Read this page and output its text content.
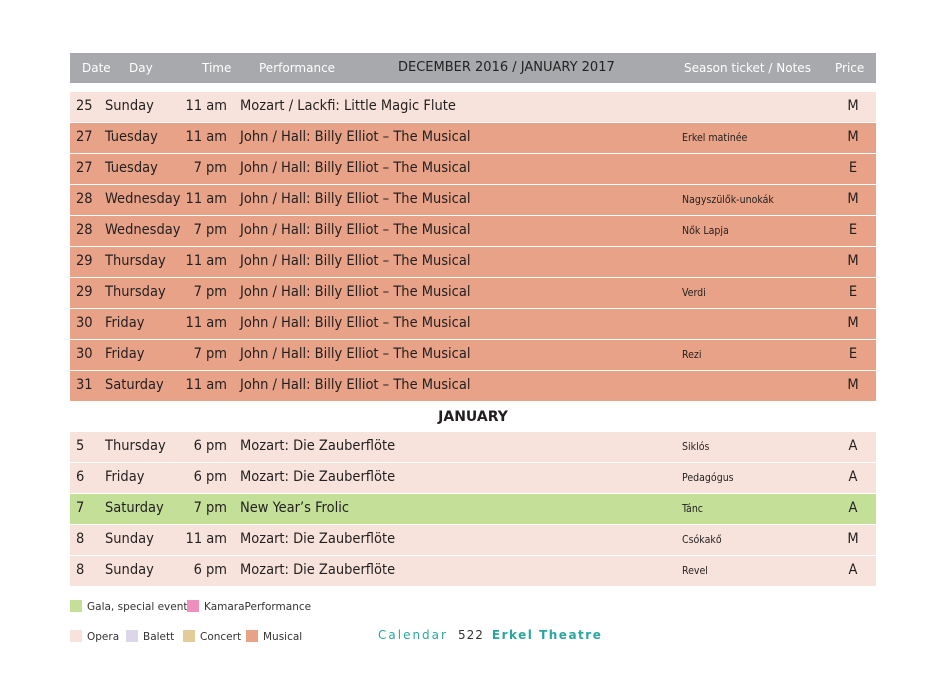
Date Day	Time Performance	DECEMBER 2016 / JANUARY 2017	Season ticket / Notes Price
25 Sunday	11 am Mozart / Lackfi: Little Magic Flute	M
27 Tuesday	11 am John / Hall: Billy Elliot – The Musical	Erkel matinée	M
27 Tuesday	7 pm John / Hall: Billy Elliot – The Musical	E
28 Wednesday 11 am John / Hall: Billy Elliot – The Musical	Nagyszülők-unokák	M
28 Wednesday 7 pm John / Hall: Billy Elliot – The Musical	Nők Lapja	E
29 Thursday	11 am John / Hall: Billy Elliot – The Musical	M
29 Thursday	7 pm John / Hall: Billy Elliot – The Musical	Verdi	E
30 Friday	11 am John / Hall: Billy Elliot – The Musical	M
30 Friday	7 pm John / Hall: Billy Elliot – The Musical	Rezi	E
31 Saturday	11 am John / Hall: Billy Elliot – The Musical	M
JANUARY
5 Thursday	6 pm Mozart: Die Zauberflöte	Siklós	A
6 Friday	6 pm Mozart: Die Zauberflöte	Pedagógus	A
7 Saturday	7 pm New Year’s Frolic	Tánc	A
8 Sunday	11 am Mozart: Die Zauberflöte	Csókakő	M
8 Sunday	6 pm Mozart: Die Zauberflöte	Revel	A
Gala, special event	KamaraPerformance
Opera	Balett	Concert	Musical	Calendar 522 Erkel Theatre
